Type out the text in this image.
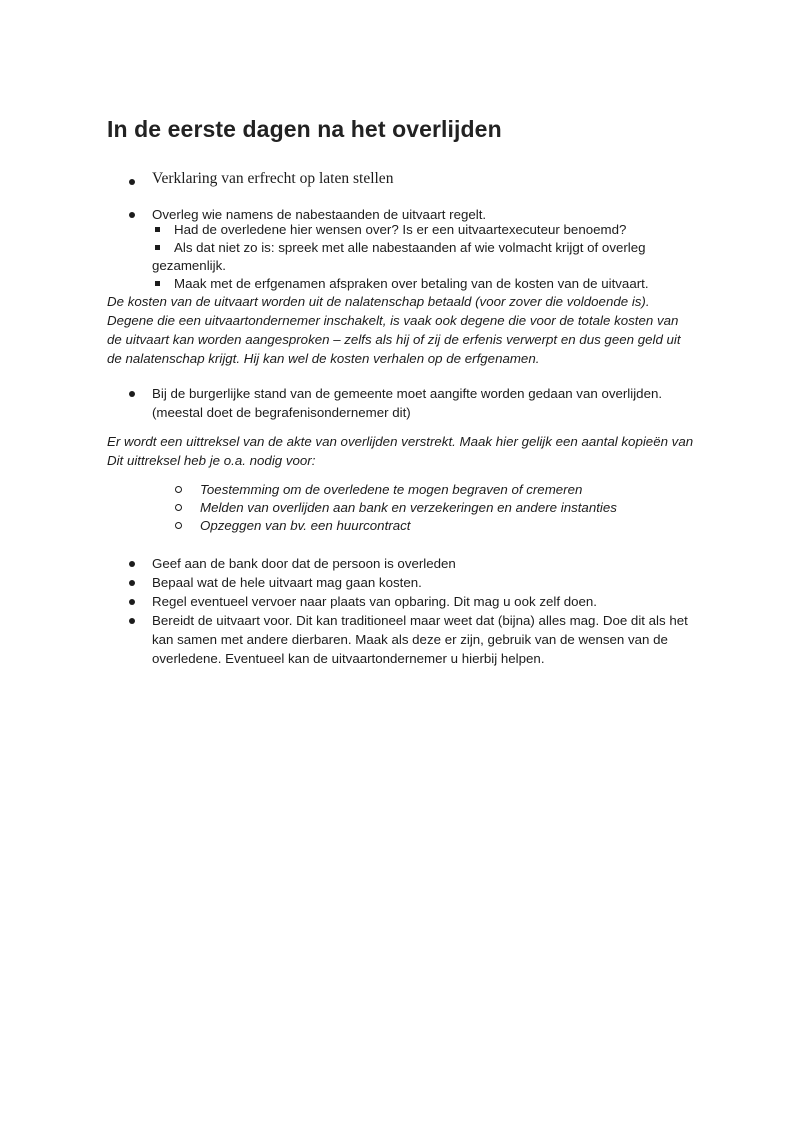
In de eerste dagen na het overlijden
Verklaring van erfrecht op laten stellen
Overleg wie namens de nabestaanden de uitvaart regelt.
Had de overledene hier wensen over? Is er een uitvaartexecuteur benoemd?
Als dat niet zo is: spreek met alle nabestaanden af wie volmacht krijgt of overleg
gezamenlijk.
Maak met de erfgenamen afspraken over betaling van de kosten van de uitvaart.
De kosten van de uitvaart worden uit de nalatenschap betaald (voor zover die voldoende is).
Degene die een uitvaartondernemer inschakelt, is vaak ook degene die voor de totale kosten van
de uitvaart kan worden aangesproken – zelfs als hij of zij de erfenis verwerpt en dus geen geld uit
de nalatenschap krijgt. Hij kan wel de kosten verhalen op de erfgenamen.
Bij de burgerlijke stand van de gemeente moet aangifte worden gedaan van overlijden.
(meestal doet de begrafenisondernemer dit)
Er wordt een uittreksel van de akte van overlijden verstrekt. Maak hier gelijk een aantal kopieën van
Dit uittreksel heb je o.a. nodig voor:
Toestemming om de overledene te mogen begraven of cremeren
Melden van overlijden aan bank en verzekeringen en andere instanties
Opzeggen van bv. een huurcontract
Geef aan de bank door dat de persoon is overleden
Bepaal wat de hele uitvaart mag gaan kosten.
Regel eventueel vervoer naar plaats van opbaring. Dit mag u ook zelf doen.
Bereidt de uitvaart voor. Dit kan traditioneel maar weet dat (bijna) alles mag. Doe dit als het
kan samen met andere dierbaren. Maak als deze er zijn, gebruik van de wensen van de
overledene. Eventueel kan de uitvaartondernemer u hierbij helpen.
